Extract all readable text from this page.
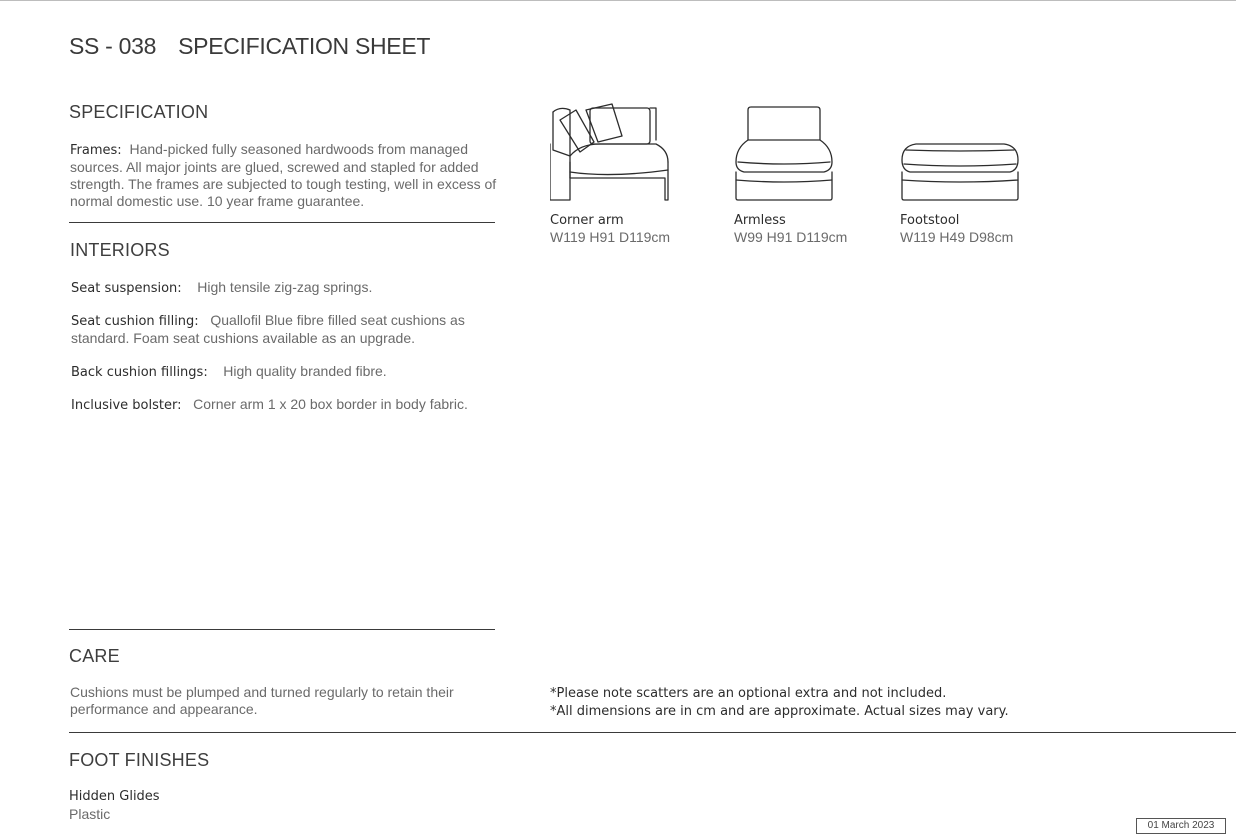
SS - 038 SPECIFICATION SHEET
SPECIFICATION
Frames: Hand-picked fully seasoned hardwoods from managed
sources. All major joints are glued, screwed and stapled for added
strength. The frames are subjected to tough testing, well in excess of
normal domestic use. 10 year frame guarantee.
INTERIORS
Seat suspension: High tensile zig-zag springs.
Seat cushion filling: Quallofil Blue fibre filled seat cushions as
standard. Foam seat cushions available as an upgrade.
Back cushion fillings: High quality branded fibre.
Inclusive bolster: Corner arm 1 x 20 box border in body fabric.
Corner arm
W119 H91 D119cm
Armless
W99 H91 D119cm
Footstool
W119 H49 D98cm
CARE
Cushions must be plumped and turned regularly to retain their
performance and appearance.
*Please note scatters are an optional extra and not included.
*All dimensions are in cm and are approximate. Actual sizes may vary.
FOOT FINISHES
Hidden Glides
Plastic
01 March 2023
